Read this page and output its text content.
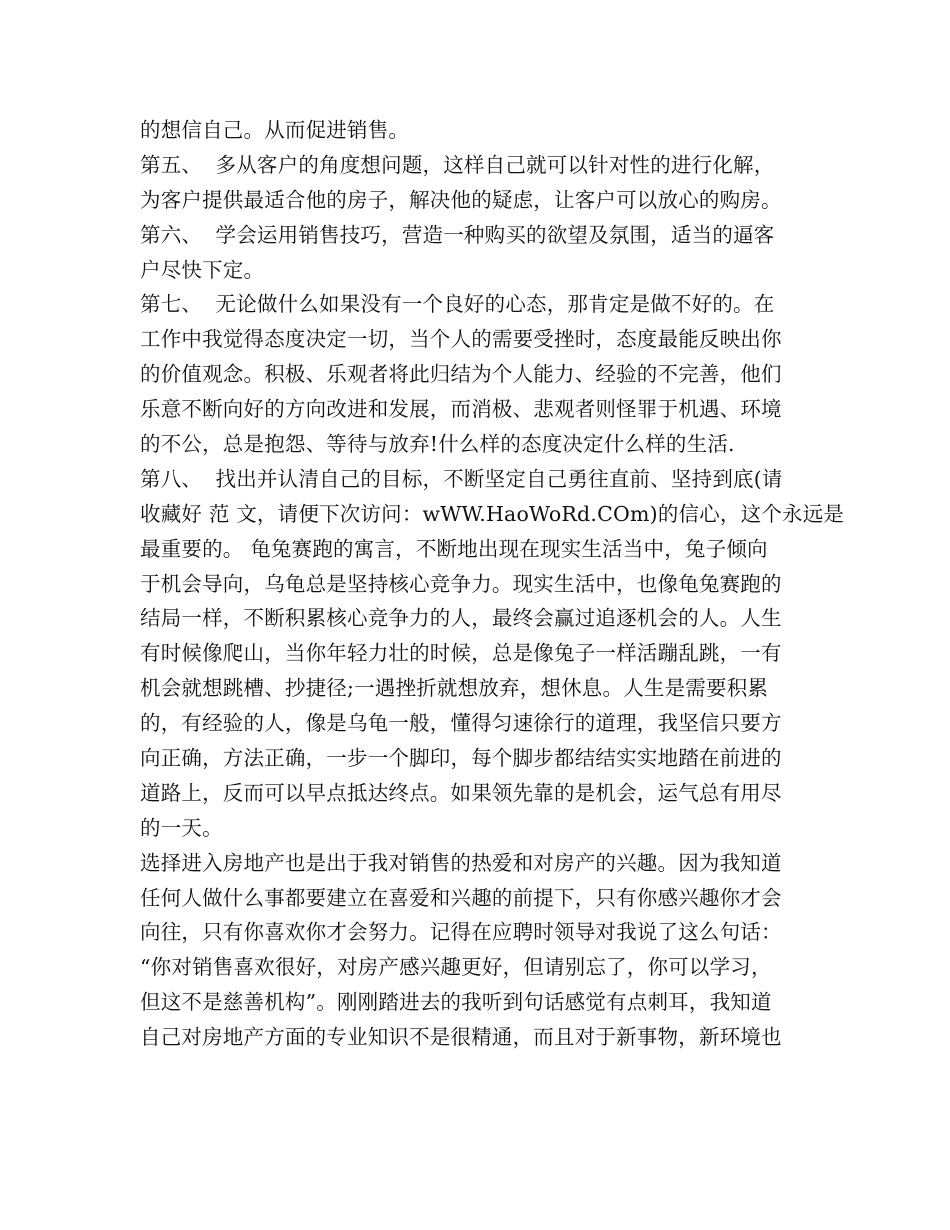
的想信自己。从而促进销售。
第五、  多从客户的角度想问题，这样自己就可以针对性的进行化解，
为客户提供最适合他的房子，解决他的疑虑，让客户可以放心的购房。
第六、  学会运用销售技巧，营造一种购买的欲望及氛围，适当的逼客
户尽快下定。
第七、  无论做什么如果没有一个良好的心态，那肯定是做不好的。在
工作中我觉得态度决定一切，当个人的需要受挫时，态度最能反映出你
的价值观念。积极、乐观者将此归结为个人能力、经验的不完善，他们
乐意不断向好的方向改进和发展，而消极、悲观者则怪罪于机遇、环境
的不公，总是抱怨、等待与放弃!什么样的态度决定什么样的生活.
第八、  找出并认清自己的目标，不断坚定自己勇往直前、坚持到底(请
收藏好 范 文，请便下次访问：wWW.HaoWoRd.COm)的信心，这个永远是
最重要的。 龟兔赛跑的寓言，不断地出现在现实生活当中，兔子倾向
于机会导向，乌龟总是坚持核心竞争力。现实生活中，也像龟兔赛跑的
结局一样，不断积累核心竞争力的人，最终会赢过追逐机会的人。人生
有时候像爬山，当你年轻力壮的时候，总是像兔子一样活蹦乱跳，一有
机会就想跳槽、抄捷径;一遇挫折就想放弃，想休息。人生是需要积累
的，有经验的人，像是乌龟一般，懂得匀速徐行的道理，我坚信只要方
向正确，方法正确，一步一个脚印，每个脚步都结结实实地踏在前进的
道路上，反而可以早点抵达终点。如果领先靠的是机会，运气总有用尽
的一天。
选择进入房地产也是出于我对销售的热爱和对房产的兴趣。因为我知道
任何人做什么事都要建立在喜爱和兴趣的前提下，只有你感兴趣你才会
向往，只有你喜欢你才会努力。记得在应聘时领导对我说了这么句话：
“你对销售喜欢很好，对房产感兴趣更好，但请别忘了，你可以学习，
但这不是慈善机构”。刚刚踏进去的我听到句话感觉有点刺耳，我知道
自己对房地产方面的专业知识不是很精通，而且对于新事物，新环境也
